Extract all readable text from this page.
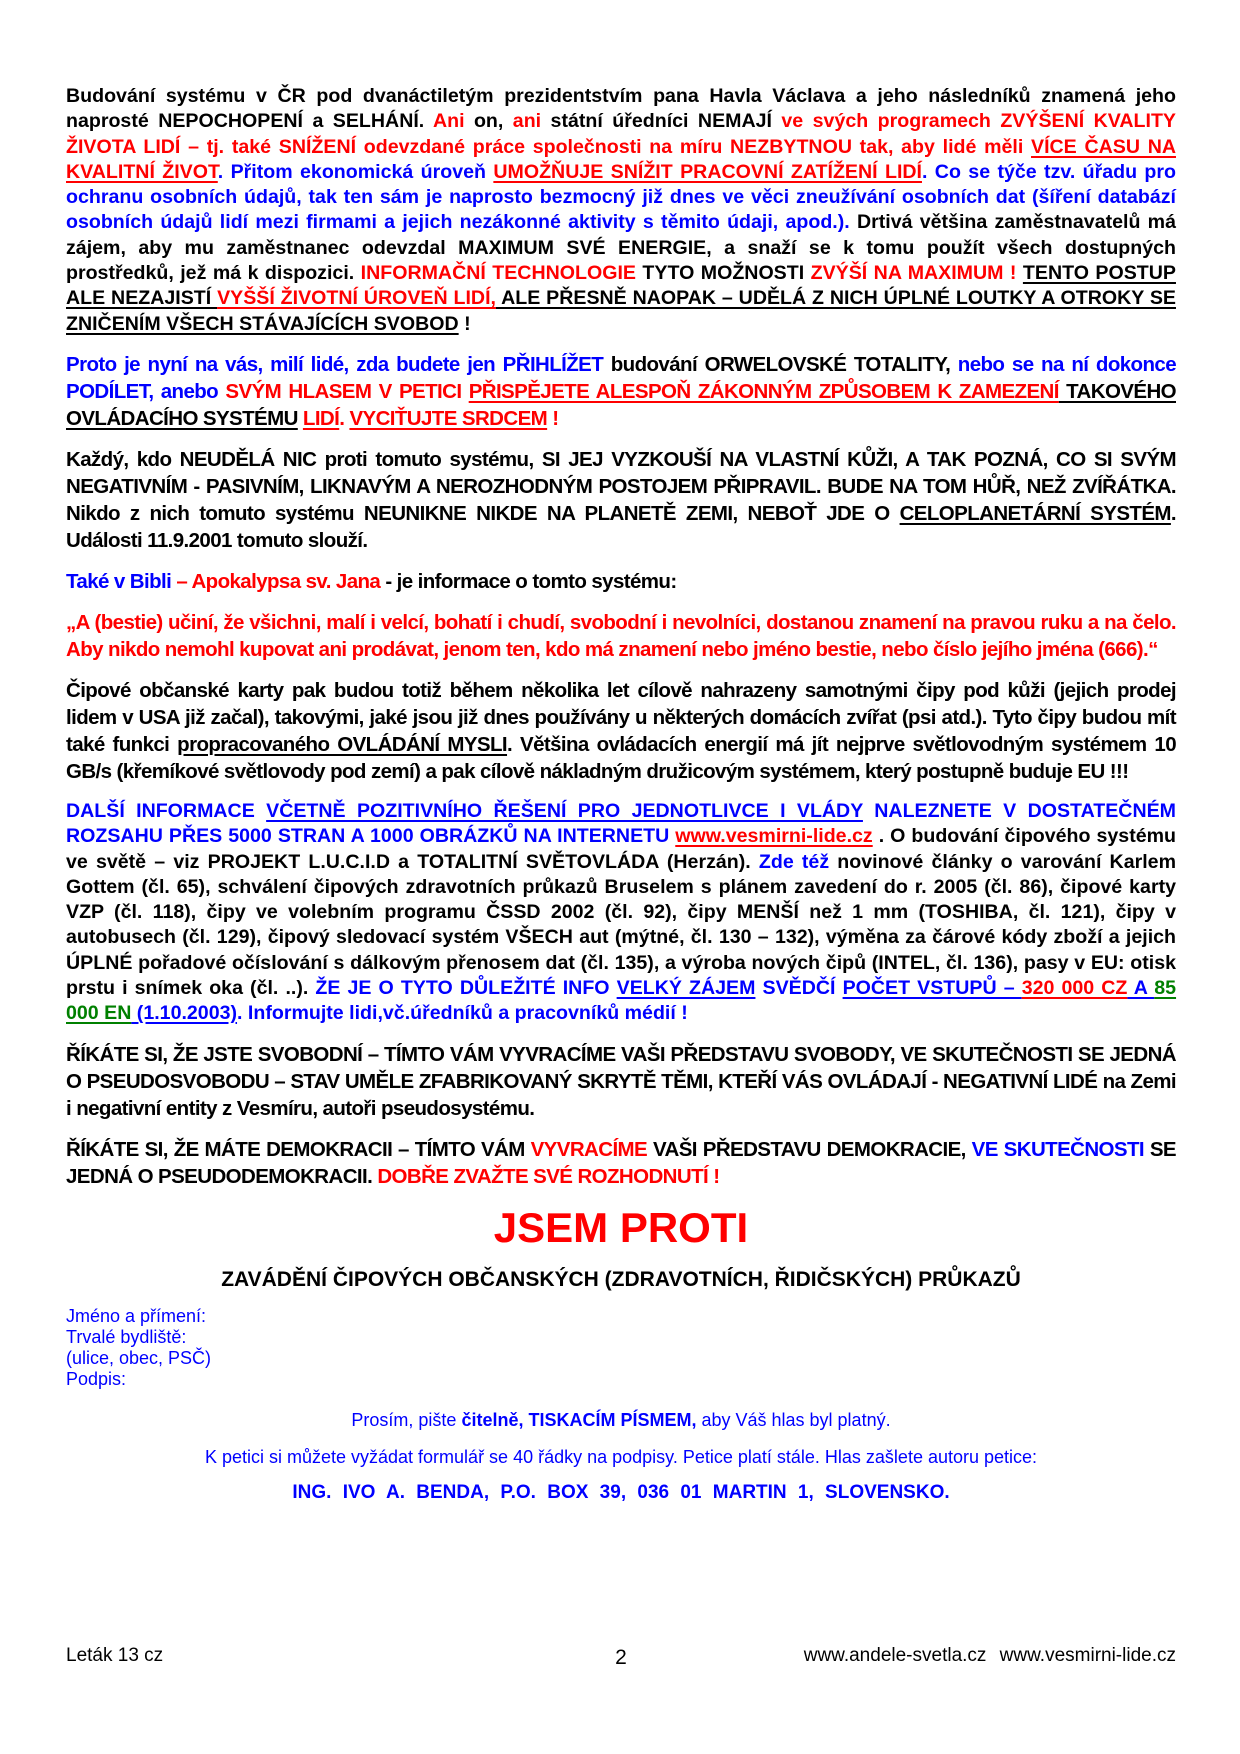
Budování systému v ČR pod dvanáctiletým prezidentstvím pana Havla Václava a jeho následníků znamená jeho naprosté NEPOCHOPENÍ a SELHÁNÍ. Ani on, ani státní úředníci NEMAJÍ ve svých programech ZVÝŠENÍ KVALITY ŽIVOTA LIDÍ – tj. také SNÍŽENÍ odevzdané práce společnosti na míru NEZBYTNOU tak, aby lidé měli VÍCE ČASU NA KVALITNÍ ŽIVOT. Přitom ekonomická úroveň UMOŽŇUJE SNÍŽIT PRACOVNÍ ZATÍŽENÍ LIDÍ. Co se týče tzv. úřadu pro ochranu osobních údajů, tak ten sám je naprosto bezmocný již dnes ve věci zneužívání osobních dat (šíření databází osobních údajů lidí mezi firmami a jejich nezákonné aktivity s těmito údaji, apod.). Drtivá většina zaměstnavatelů má zájem, aby mu zaměstnanec odevzdal MAXIMUM SVÉ ENERGIE, a snaží se k tomu použít všech dostupných prostředků, jež má k dispozici. INFORMAČNÍ TECHNOLOGIE TYTO MOŽNOSTI ZVÝŠÍ NA MAXIMUM ! TENTO POSTUP ALE NEZAJISTÍ VYŠŠÍ ŽIVOTNÍ ÚROVEŇ LIDÍ, ALE PŘESNĚ NAOPAK – UDĚLÁ Z NICH ÚPLNÉ LOUTKY A OTROKY SE ZNIČENÍM VŠECH STÁVAJÍCÍCH SVOBOD !

Proto je nyní na vás, milí lidé, zda budete jen PŘIHLÍŽET budování ORWELOVSKÉ TOTALITY, nebo se na ní dokonce PODÍLET, anebo SVÝM HLASEM V PETICI PŘISPĚJETE ALESPOŇ ZÁKONNÝM ZPŮSOBEM K ZAMEZENÍ TAKOVÉHO OVLÁDACÍHO SYSTÉMU LIDÍ. VYCIŤUJTE SRDCEM !

Každý, kdo NEUDĚLÁ NIC proti tomuto systému, SI JEJ VYZKOUŠÍ NA VLASTNÍ KŮŽI, A TAK POZNÁ, CO SI SVÝM NEGATIVNÍM - PASIVNÍM, LIKNAVÝM A NEROZHODNÝM POSTOJEM PŘIPRAVIL. BUDE NA TOM HŮŘ, NEŽ ZVÍŘÁTKA. Nikdo z nich tomuto systému NEUNIKNE NIKDE NA PLANETĚ ZEMI, NEBOŤ JDE O CELOPLANETÁRNÍ SYSTÉM. Události 11.9.2001 tomuto slouží.

Také v Bibli – Apokalypsa sv. Jana - je informace o tomto systému:

„A (bestie) učiní, že všichni, malí i velcí, bohatí i chudí, svobodní i nevolníci, dostanou znamení na pravou ruku a na čelo. Aby nikdo nemohl kupovat ani prodávat, jenom ten, kdo má znamení nebo jméno bestie, nebo číslo jejího jména (666).“

Čipové občanské karty pak budou totiž během několika let cílově nahrazeny samotnými čipy pod kůži (jejich prodej lidem v USA již začal), takovými, jaké jsou již dnes používány u některých domácích zvířat (psi atd.). Tyto čipy budou mít také funkci propracovaného OVLÁDÁNÍ MYSLI. Většina ovládacích energií má jít nejprve světlovodným systémem 10 GB/s (křemíkové světlovody pod zemí) a pak cílově nákladným družicovým systémem, který postupně buduje EU !!!

DALŠÍ INFORMACE VČETNĚ POZITIVNÍHO ŘEŠENÍ PRO JEDNOTLIVCE I VLÁDY NALEZNETE V DOSTATEČNÉM ROZSAHU PŘES 5000 STRAN A 1000 OBRÁZKŮ NA INTERNETU www.vesmirni-lide.cz . O budování čipového systému ve světě – viz PROJEKT L.U.C.I.D a TOTALITNÍ SVĚTOVLÁDA (Herzán). Zde též novinové články o varování Karlem Gottem (čl. 65), schválení čipových zdravotních průkazů Bruselem s plánem zavedení do r. 2005 (čl. 86), čipové karty VZP (čl. 118), čipy ve volebním programu ČSSD 2002 (čl. 92), čipy MENŠÍ než 1 mm (TOSHIBA, čl. 121), čipy v autobusech (čl. 129), čipový sledovací systém VŠECH aut (mýtné, čl. 130 – 132), výměna za čárové kódy zboží a jejich ÚPLNÉ pořadové očíslování s dálkovým přenosem dat (čl. 135), a výroba nových čipů (INTEL, čl. 136), pasy v EU: otisk prstu i snímek oka (čl. ..). ŽE JE O TYTO DŮLEŽITÉ INFO VELKÝ ZÁJEM SVĚDČÍ POČET VSTUPŮ – 320 000 CZ A 85 000 EN (1.10.2003). Informujte lidi,vč.úředníků a pracovníků médií !

ŘÍKÁTE SI, ŽE JSTE SVOBODNÍ – TÍMTO VÁM VYVRACÍME VAŠI PŘEDSTAVU SVOBODY, VE SKUTEČNOSTI SE JEDNÁ O PSEUDOSVOBODU – STAV UMĚLE ZFABRIKOVANÝ SKRYTĚ TĚMI, KTEŘÍ VÁS OVLÁDAJÍ - NEGATIVNÍ LIDÉ na Zemi i negativní entity z Vesmíru, autoři pseudosystému.

ŘÍKÁTE SI, ŽE MÁTE DEMOKRACII – TÍMTO VÁM VYVRACÍME VAŠI PŘEDSTAVU DEMOKRACIE, VE SKUTEČNOSTI SE JEDNÁ O PSEUDODEMOKRACII. DOBŘE ZVAŽTE SVÉ ROZHODNUTÍ !

JSEM PROTI
ZAVÁDĚNÍ ČIPOVÝCH OBČANSKÝCH (ZDRAVOTNÍCH, ŘIDIČSKÝCH) PRŮKAZŮ
Jméno a přímení:
Trvalé bydliště:
(ulice, obec, PSČ)
Podpis:

Prosím, pište čitelně, TISKACÍM PÍSMEM, aby Váš hlas byl platný.

K petici si můžete vyžádat formulář se 40 řádky na podpisy. Petice platí stále. Hlas zašlete autoru petice:

ING. IVO A. BENDA, P.O. BOX 39, 036 01 MARTIN 1, SLOVENSKO.
Leták 13 cz	2	www.andele-svetla.cz www.vesmirni-lide.cz
